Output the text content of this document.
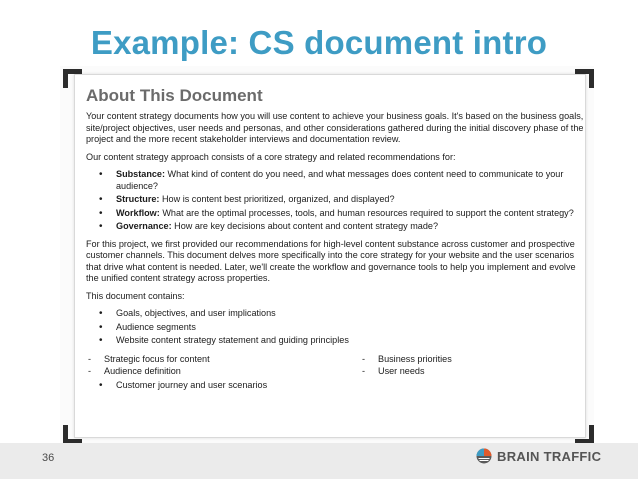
Example: CS document intro
About This Document

Your content strategy documents how you will use content to achieve your business goals. It's based on the business goals, site/project objectives, user needs and personas, and other considerations gathered during the initial discovery phase of the project and the more recent stakeholder interviews and documentation review.

Our content strategy approach consists of a core strategy and related recommendations for:

• Substance: What kind of content do you need, and what messages does content need to communicate to your audience?
• Structure: How is content best prioritized, organized, and displayed?
• Workflow: What are the optimal processes, tools, and human resources required to support the content strategy?
• Governance: How are key decisions about content and content strategy made?

For this project, we first provided our recommendations for high-level content substance across customer and prospective customer channels. This document delves more specifically into the core strategy for your website and the user scenarios that drive what content is needed. Later, we'll create the workflow and governance tools to help you implement and evolve the unified content strategy across properties.

This document contains:

• Goals, objectives, and user implications
• Audience segments
• Website content strategy statement and guiding principles
- Strategic focus for content	- Business priorities
- Audience definition	- User needs
• Customer journey and user scenarios
36	BRAIN TRAFFIC
